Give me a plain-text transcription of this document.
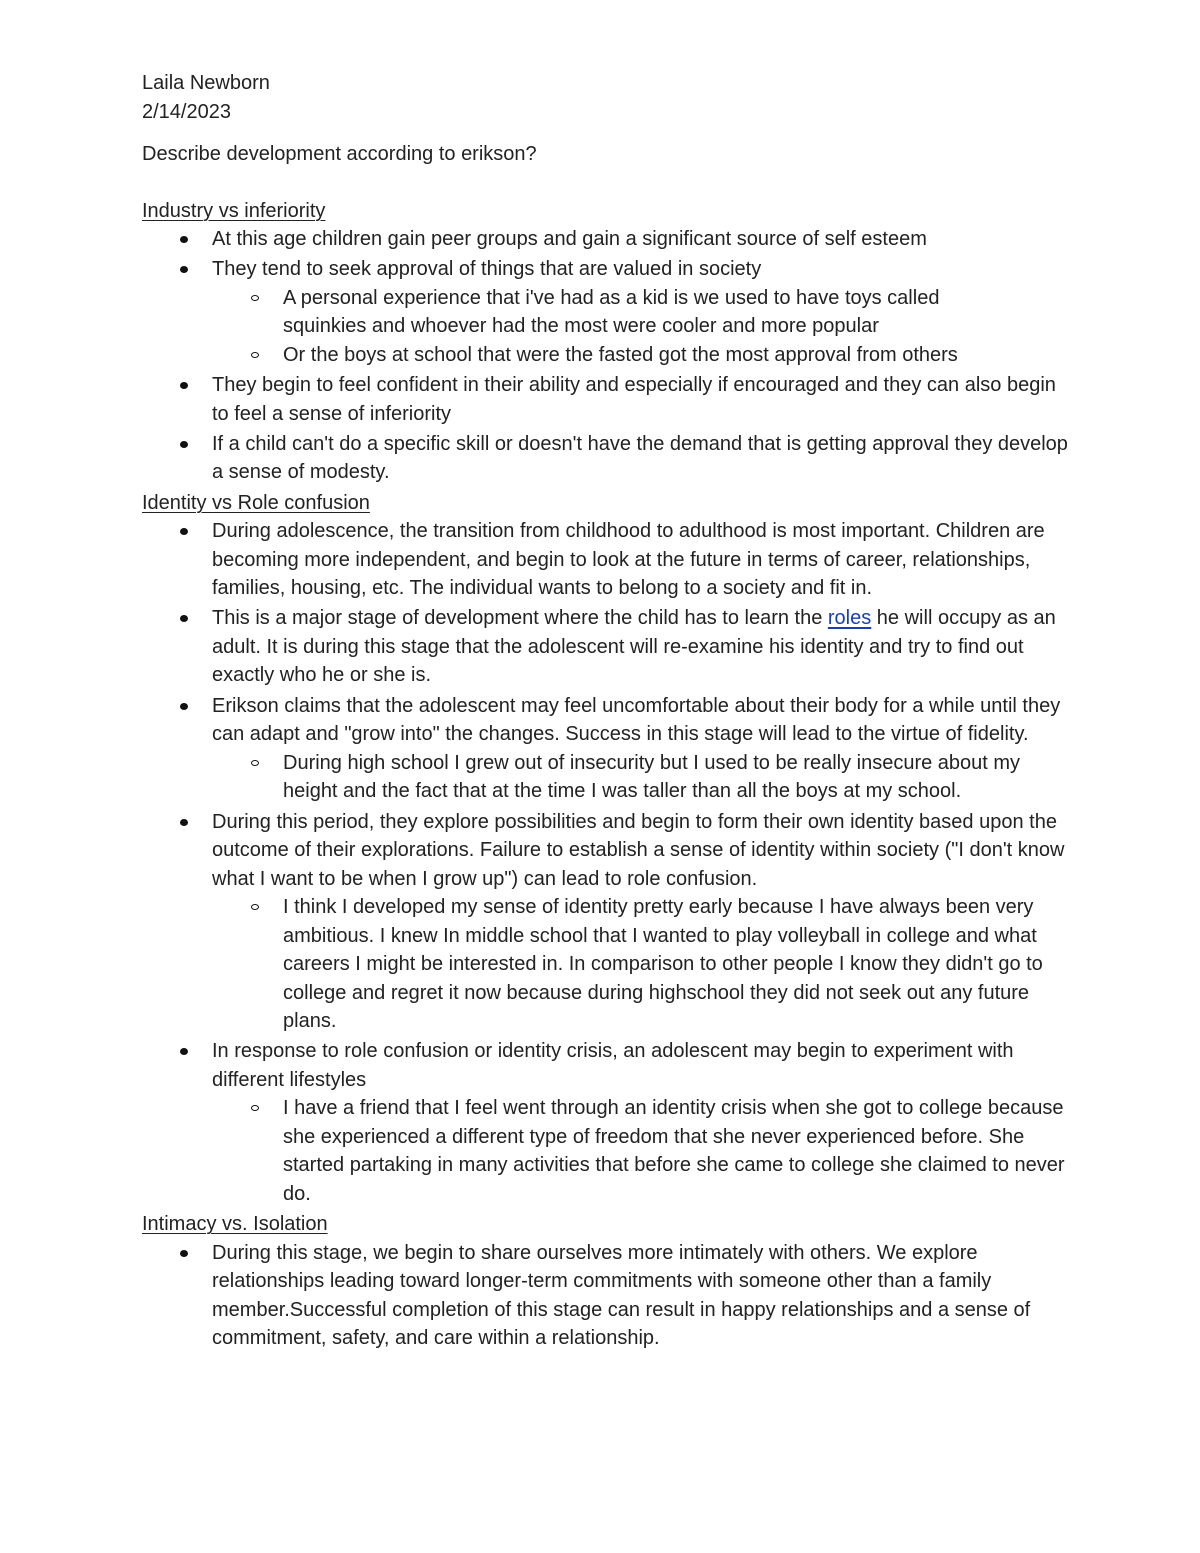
Laila Newborn

2/14/2023

Describe development according to erikson?

Industry vs inferiority

At this age children gain peer groups and gain a significant source of self esteem
They tend to seek approval of things that are valued in society
A personal experience that i've had as a kid is we used to have toys called squinkies and whoever had the most were cooler and more popular
Or the boys at school that were the fasted got the most approval from others
They begin to feel confident in their ability and especially if encouraged and they can also begin to feel a sense of inferiority
If a child can't do a specific skill or doesn't have the demand that is getting approval they develop a sense of modesty.

Identity vs Role confusion

During adolescence, the transition from childhood to adulthood is most important. Children are becoming more independent, and begin to look at the future in terms of career, relationships, families, housing, etc. The individual wants to belong to a society and fit in.
This is a major stage of development where the child has to learn the roles he will occupy as an adult. It is during this stage that the adolescent will re-examine his identity and try to find out exactly who he or she is.
Erikson claims that the adolescent may feel uncomfortable about their body for a while until they can adapt and "grow into" the changes. Success in this stage will lead to the virtue of fidelity.
During high school I grew out of insecurity but I used to be really insecure about my height and the fact that at the time I was taller than all the boys at my school.
During this period, they explore possibilities and begin to form their own identity based upon the outcome of their explorations. Failure to establish a sense of identity within society ("I don't know what I want to be when I grow up") can lead to role confusion.
I think I developed my sense of identity pretty early because I have always been very ambitious. I knew In middle school that I wanted to play volleyball in college and what careers I might be interested in. In comparison to other people I know they didn't go to college and regret it now because during highschool they did not seek out any future plans.
In response to role confusion or identity crisis, an adolescent may begin to experiment with different lifestyles
I have a friend that I feel went through an identity crisis when she got to college because she experienced a different type of freedom that she never experienced before. She started partaking in many activities that before she came to college she claimed to never do.

Intimacy vs. Isolation

During this stage, we begin to share ourselves more intimately with others. We explore relationships leading toward longer-term commitments with someone other than a family member.Successful completion of this stage can result in happy relationships and a sense of commitment, safety, and care within a relationship.
